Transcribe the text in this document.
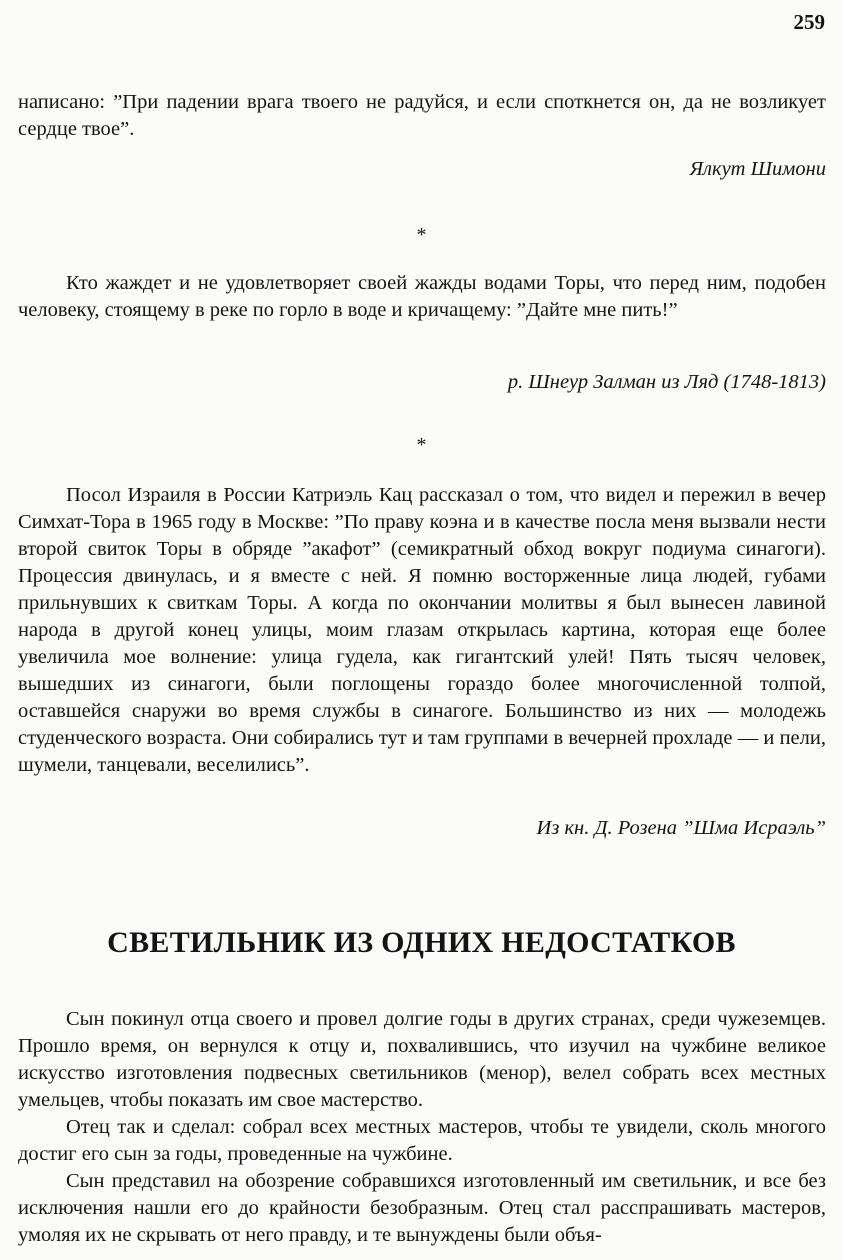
259

написано: ”При падении врага твоего не радуйся, и если споткнется он, да не возликует сердце твое”.

Ялкут Шимони
*

Кто жаждет и не удовлетворяет своей жажды водами Торы, что перед ним, подобен человеку, стоящему в реке по горло в воде и кричащему: ”Дайте мне пить!”

р. Шнеур Залман из Ляд (1748-1813)
*

Посол Израиля в России Катриэль Кац рассказал о том, что видел и пережил в вечер Симхат-Тора в 1965 году в Москве: ”По праву коэна и в качестве посла меня вызвали нести второй свиток Торы в обряде ”акафот” (семикратный обход вокруг подиума синагоги). Процессия двинулась, и я вместе с ней. Я помню восторженные лица людей, губами прильнувших к свиткам Торы. А когда по окончании молитвы я был вынесен лавиной народа в другой конец улицы, моим глазам открылась картина, которая еще более увеличила мое волнение: улица гудела, как гигантский улей! Пять тысяч человек, вышедших из синагоги, были поглощены гораздо более многочисленной толпой, оставшейся снаружи во время службы в синагоге. Большинство из них — молодежь студенческого возраста. Они собирались тут и там группами в вечерней прохладе — и пели, шумели, танцевали, веселились”.

Из кн. Д. Розена ”Шма Исраэль”
СВЕТИЛЬНИК ИЗ ОДНИХ НЕДОСТАТКОВ

Сын покинул отца своего и провел долгие годы в других странах, среди чужеземцев. Прошло время, он вернулся к отцу и, похвалившись, что изучил на чужбине великое искусство изготовления подвесных светильников (менор), велел собрать всех местных умельцев, чтобы показать им свое мастерство.

Отец так и сделал: собрал всех местных мастеров, чтобы те увидели, сколь многого достиг его сын за годы, проведенные на чужбине.

Сын представил на обозрение собравшихся изготовленный им светильник, и все без исключения нашли его до крайности безобразным. Отец стал расспрашивать мастеров, умоляя их не скрывать от него правду, и те вынуждены были объя-
